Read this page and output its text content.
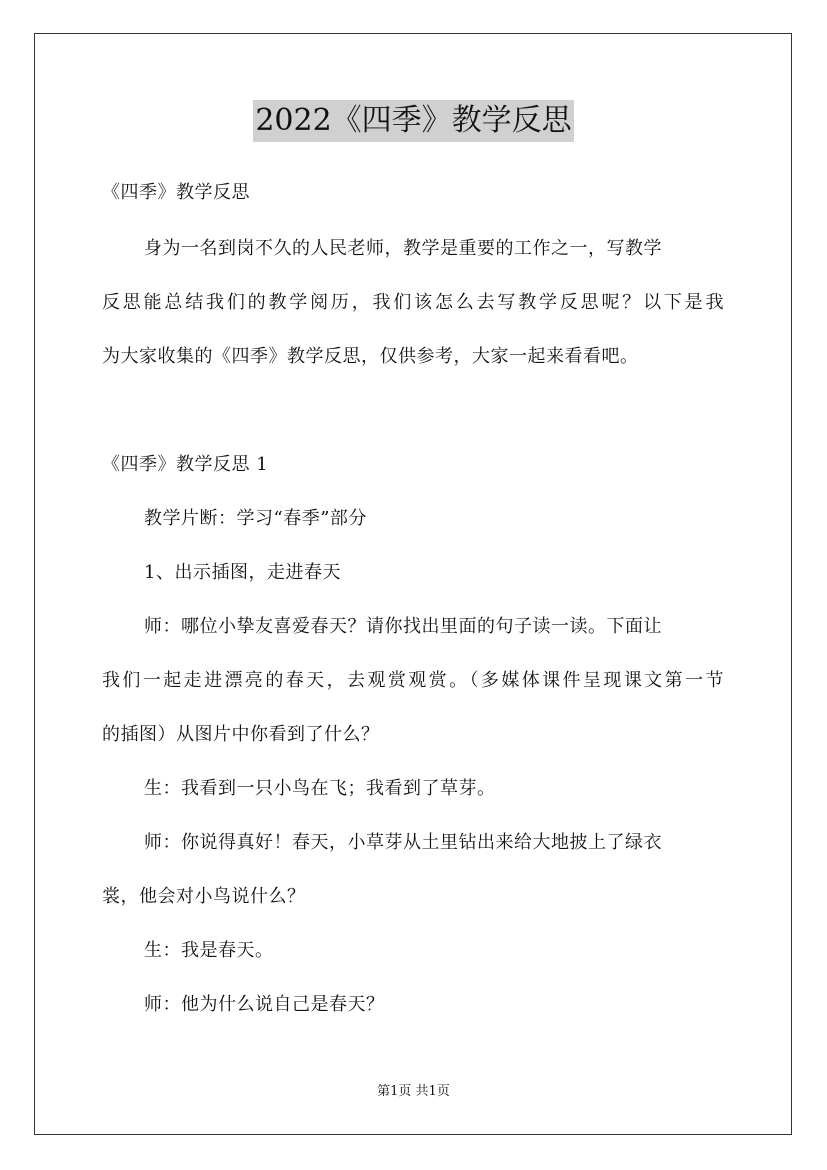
2022《四季》教学反思
《四季》教学反思
身为一名到岗不久的人民老师，教学是重要的工作之一，写教学
反思能总结我们的教学阅历，我们该怎么去写教学反思呢？以下是我
为大家收集的《四季》教学反思，仅供参考，大家一起来看看吧。
《四季》教学反思 1
教学片断：学习“春季”部分
1、出示插图，走进春天
师：哪位小挚友喜爱春天？请你找出里面的句子读一读。下面让
我们一起走进漂亮的春天，去观赏观赏。（多媒体课件呈现课文第一节
的插图）从图片中你看到了什么？
生：我看到一只小鸟在飞；我看到了草芽。
师：你说得真好！春天，小草芽从土里钻出来给大地披上了绿衣
裳，他会对小鸟说什么？
生：我是春天。
师：他为什么说自己是春天？
第1页 共1页
